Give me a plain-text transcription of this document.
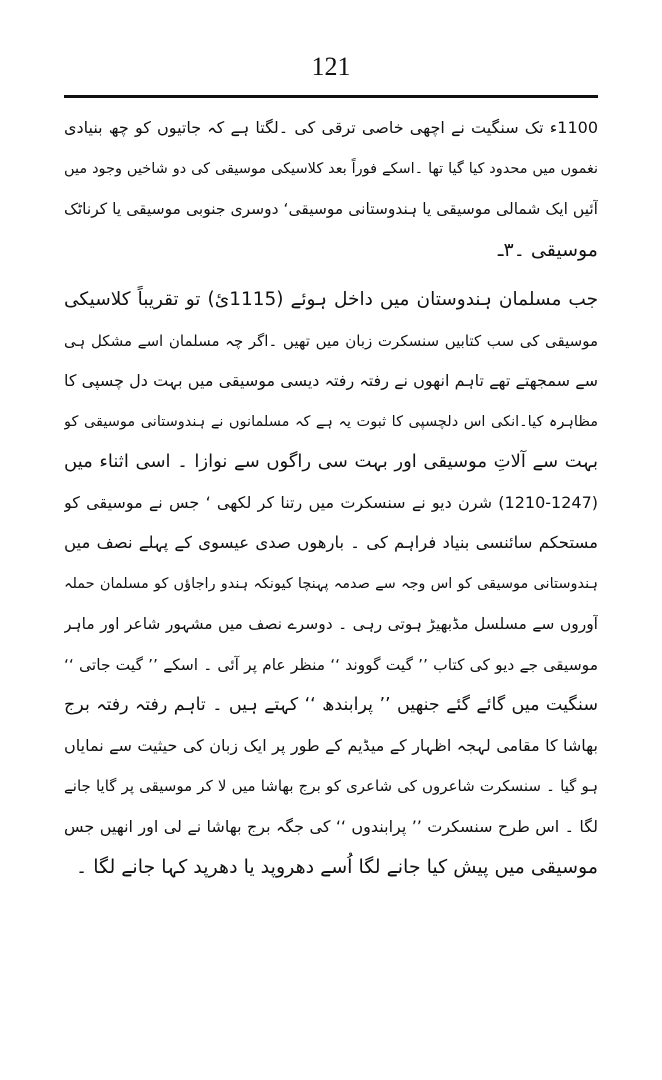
121
1100ء تک سنگیت نے اچھی خاصی ترقی کی ۔لگتا ہے کہ جاتیوں کو چھ بنیادی
نغموں میں محدود کیا گیا تھا ۔اسکے فوراً بعد کلاسیکی موسیقی کی دو شاخیں وجود میں
آئیں ایک شمالی موسیقی یا ہندوستانی موسیقی‘ دوسری جنوبی موسیقی یا کرناٹک
موسیقی ۔۳ـ
جب مسلمان ہندوستان میں داخل ہوئے (1115ئ) تو تقریباً کلاسیکی
موسیقی کی سب کتابیں سنسکرت زبان میں تھیں ۔اگر چہ مسلمان اسے مشکل ہی
سے سمجھتے تھے تاہم انھوں نے رفتہ رفتہ دیسی موسیقی میں بہت دل چسپی کا
مظاہرہ کیا۔انکی اس دلچسپی کا ثبوت یہ ہے کہ مسلمانوں نے ہندوستانی موسیقی کو
بہت سے آلاتِ موسیقی اور بہت سی راگوں سے نوازا ۔ اسی اثناء میں
(1210-1247) شرن دیو نے سنسکرت میں رتنا کر لکھی ‘ جس نے موسیقی کو
مستحکم سائنسی بنیاد فراہم کی ۔ بارھوں صدی عیسوی کے پہلے نصف میں
ہندوستانی موسیقی کو اس وجہ سے صدمہ پہنچا کیونکہ ہندو راجاؤں کو مسلمان حملہ
آوروں سے مسلسل مڈبھیڑ ہوتی رہی ۔ دوسرے نصف میں مشہور شاعر اور ماہر
موسیقی جے دیو کی کتاب ’’ گیت گووند ‘‘ منظر عام پر آئی ۔ اسکے ’’ گیت جاتی ‘‘
سنگیت میں گائے گئے جنھیں ’’ پرابندھ ‘‘ کہتے ہیں ۔ تاہم رفتہ رفتہ برج
بھاشا کا مقامی لہجہ اظہار کے میڈیم کے طور پر ایک زبان کی حیثیت سے نمایاں
ہو گیا ۔ سنسکرت شاعروں کی شاعری کو برج بھاشا میں لا کر موسیقی پر گایا جانے
لگا ۔ اس طرح سنسکرت ’’ پرابندوں ‘‘ کی جگہ برج بھاشا نے لی اور انھیں جس
موسیقی میں پیش کیا جانے لگا اُسے دھروپد یا دھرپد کہا جانے لگا ۔
